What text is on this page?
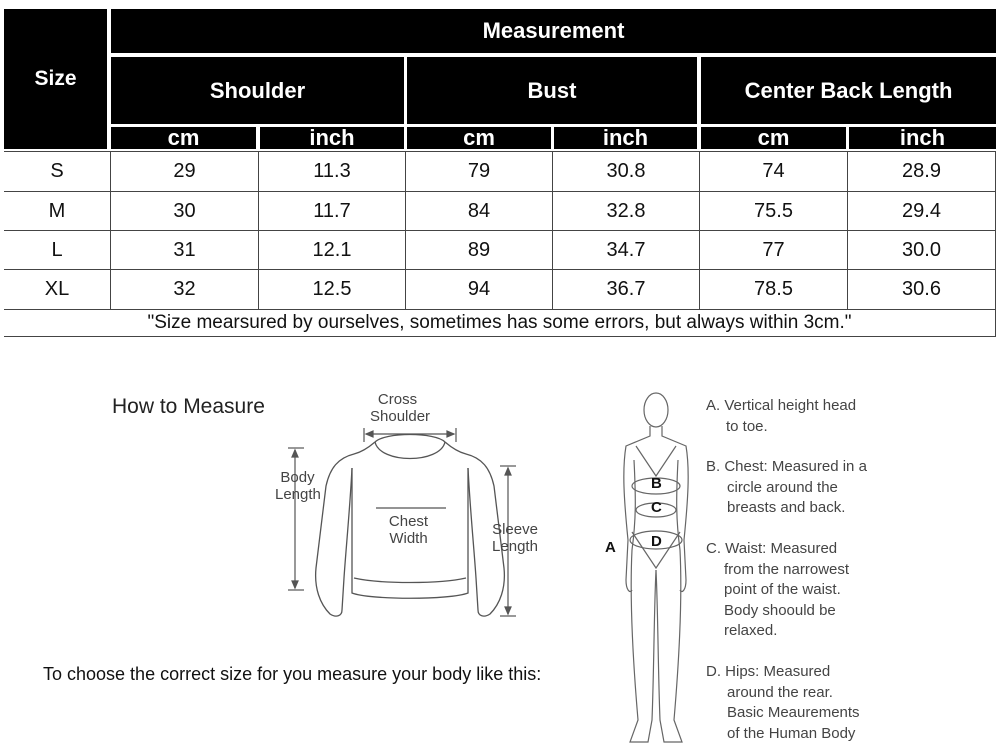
Size
Measurement
Shoulder	Bust	Center Back Length
cm	inch	cm	inch	cm	inch
S	29	11.3	79	30.8	74	28.9
M	30	11.7	84	32.8	75.5	29.4
L	31	12.1	89	34.7	77	30.0
XL	32	12.5	94	36.7	78.5	30.6
"Size mearsured by ourselves, sometimes has some errors, but always within 3cm."
How to Measure	Cross
Shoulder
Body
Length
Chest
Width
Sleeve
Length
To choose the correct size for you measure your body like this:
B
C
D
A
A. Vertical height head
to toe.
B. Chest: Measured in a
circle around the
breasts and back.
C. Waist: Measured
from the narrowest
point of the waist.
Body shoould be
relaxed.
D. Hips: Measured
around the rear.
Basic Meaurements
of the Human Body
